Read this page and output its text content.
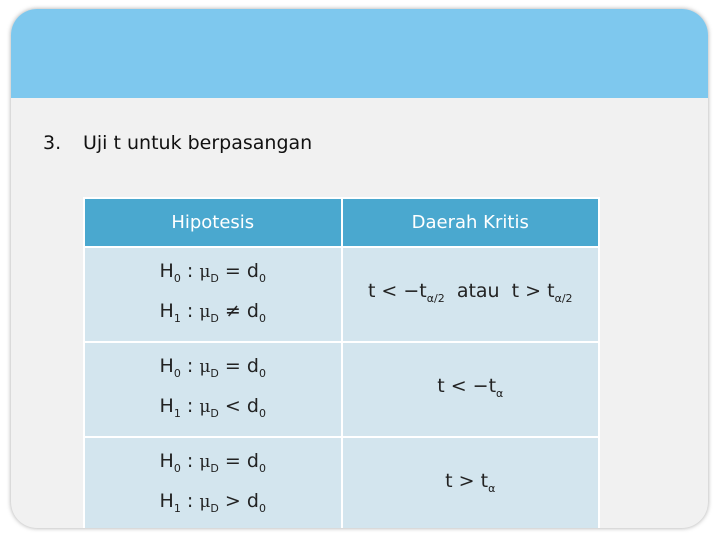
3. Uji t untuk berpasangan
Hipotesis	Daerah Kritis

$H_0$ : $\mu_D = d_0$
$H_1$ : $\mu_D \ne d_0$	$t < -t_{\alpha/2}$  atau  $t > t_{\alpha/2}$

$H_0$ : $\mu_D = d_0$
$H_1$ : $\mu_D < d_0$	$t < -t_\alpha$

$H_0$ : $\mu_D = d_0$
$H_1$ : $\mu_D > d_0$	$t > t_\alpha$
